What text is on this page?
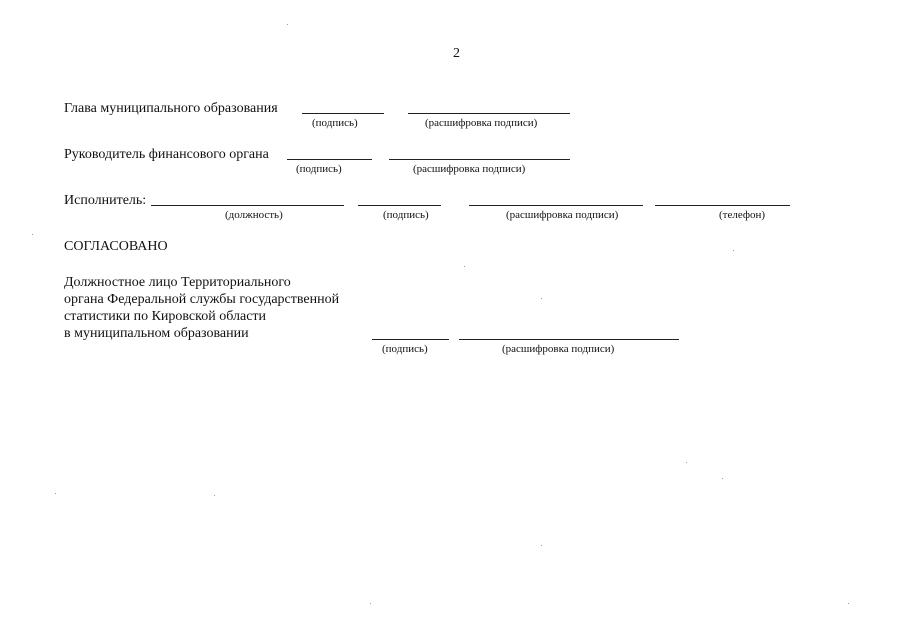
2
Глава муниципального образования
(подпись)	(расшифровка подписи)
Руководитель финансового органа
(подпись)	(расшифровка подписи)
Исполнитель:
(должность)	(подпись)	(расшифровка подписи)	(телефон)
СОГЛАСОВАНО
Должностное лицо Территориального
органа Федеральной службы государственной
статистики по Кировской области
в муниципальном образовании
(подпись)	(расшифровка подписи)
